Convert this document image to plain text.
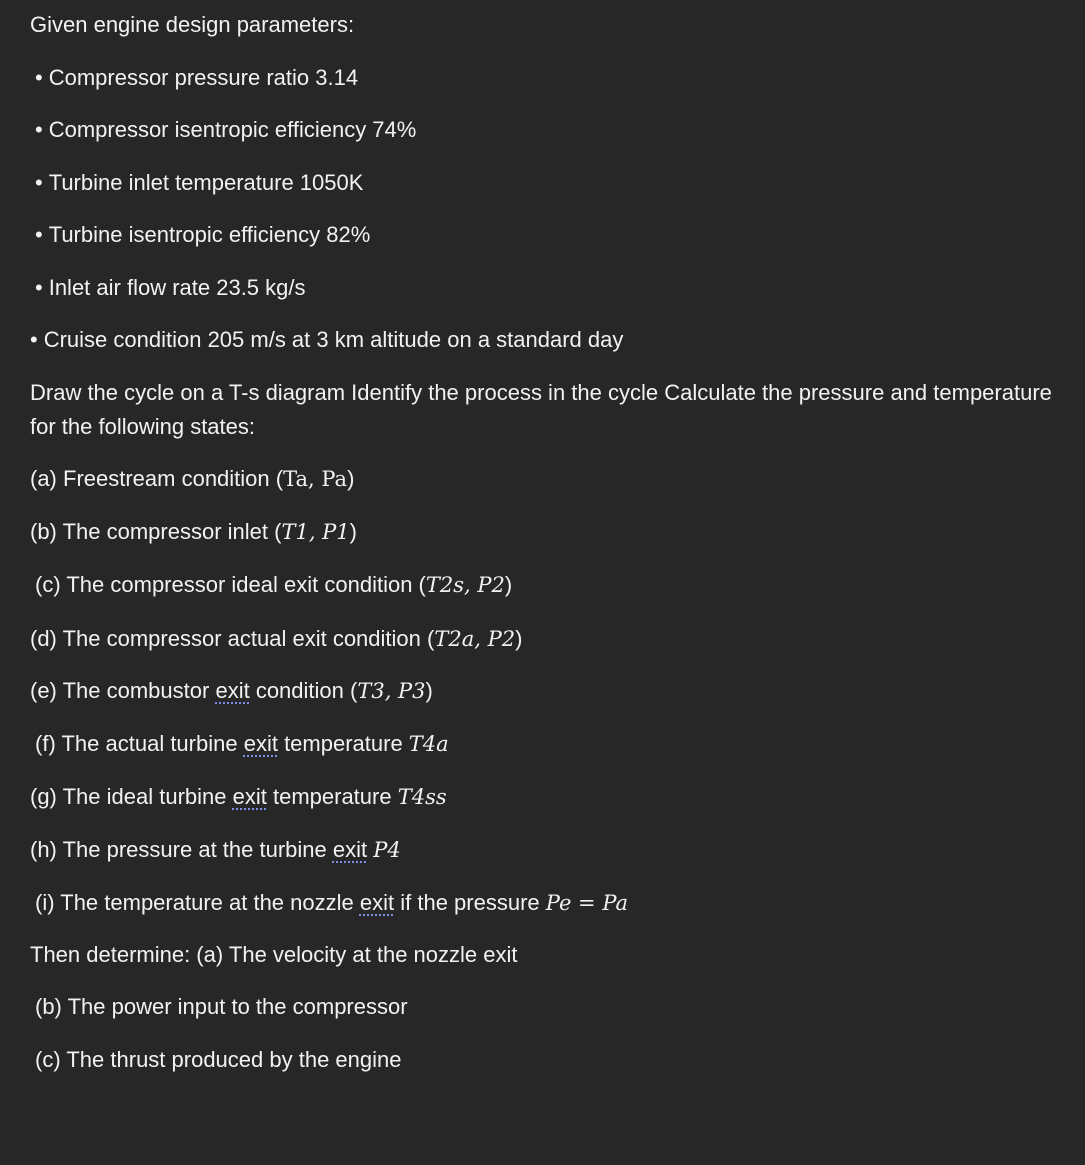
Given engine design parameters:
• Compressor pressure ratio 3.14
• Compressor isentropic efficiency 74%
• Turbine inlet temperature 1050K
• Turbine isentropic efficiency 82%
• Inlet air flow rate 23.5 kg/s
• Cruise condition 205 m/s at 3 km altitude on a standard day
Draw the cycle on a T-s diagram Identify the process in the cycle Calculate the pressure and temperature for the following states:
(a) Freestream condition (Ta, Pa)
(b) The compressor inlet (T1, P1)
(c) The compressor ideal exit condition (T2s, P2)
(d) The compressor actual exit condition (T2a, P2)
(e) The combustor exit condition (T3, P3)
(f) The actual turbine exit temperature T4a
(g) The ideal turbine exit temperature T4ss
(h) The pressure at the turbine exit P4
(i) The temperature at the nozzle exit if the pressure Pe = Pa
Then determine: (a) The velocity at the nozzle exit
(b) The power input to the compressor
(c) The thrust produced by the engine
